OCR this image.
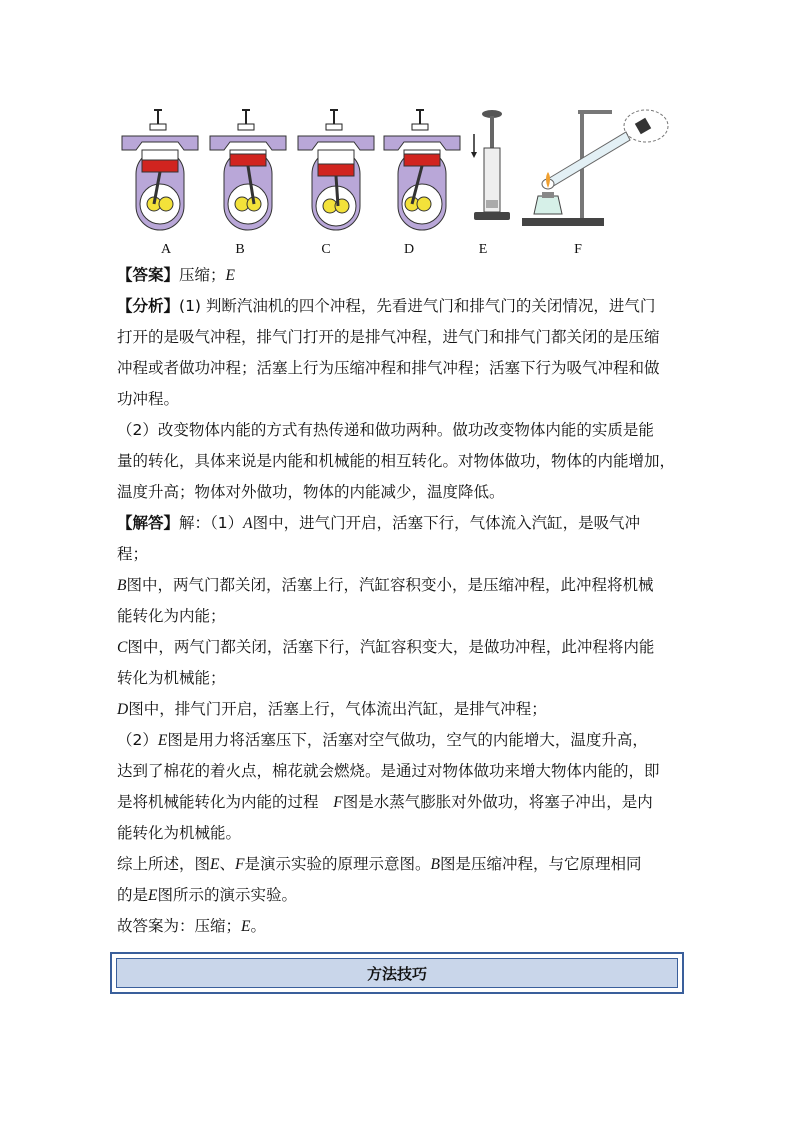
A	B	C	D	E	F

【答案】压缩；E

【分析】(1) 判断汽油机的四个冲程，先看进气门和排气门的关闭情况，进气门

打开的是吸气冲程，排气门打开的是排气冲程，进气门和排气门都关闭的是压缩

冲程或者做功冲程；活塞上行为压缩冲程和排气冲程；活塞下行为吸气冲程和做

功冲程。

（2）改变物体内能的方式有热传递和做功两种。做功改变物体内能的实质是能

量的转化，具体来说是内能和机械能的相互转化。对物体做功，物体的内能增加，

温度升高；物体对外做功，物体的内能减少，温度降低。

【解答】解：（1）A图中，进气门开启，活塞下行，气体流入汽缸，是吸气冲

程；

B图中，两气门都关闭，活塞上行，汽缸容积变小，是压缩冲程，此冲程将机械

能转化为内能；

C图中，两气门都关闭，活塞下行，汽缸容积变大，是做功冲程，此冲程将内能

转化为机械能；

D图中，排气门开启，活塞上行，气体流出汽缸，是排气冲程；

（2）E图是用力将活塞压下，活塞对空气做功，空气的内能增大，温度升高，

达到了棉花的着火点，棉花就会燃烧。是通过对物体做功来增大物体内能的，即

是将机械能转化为内能的过程 F图是水蒸气膨胀对外做功，将塞子冲出，是内

能转化为机械能。

综上所述，图E、F是演示实验的原理示意图。B图是压缩冲程，与它原理相同

的是E图所示的演示实验。

故答案为：压缩；E。

方法技巧
